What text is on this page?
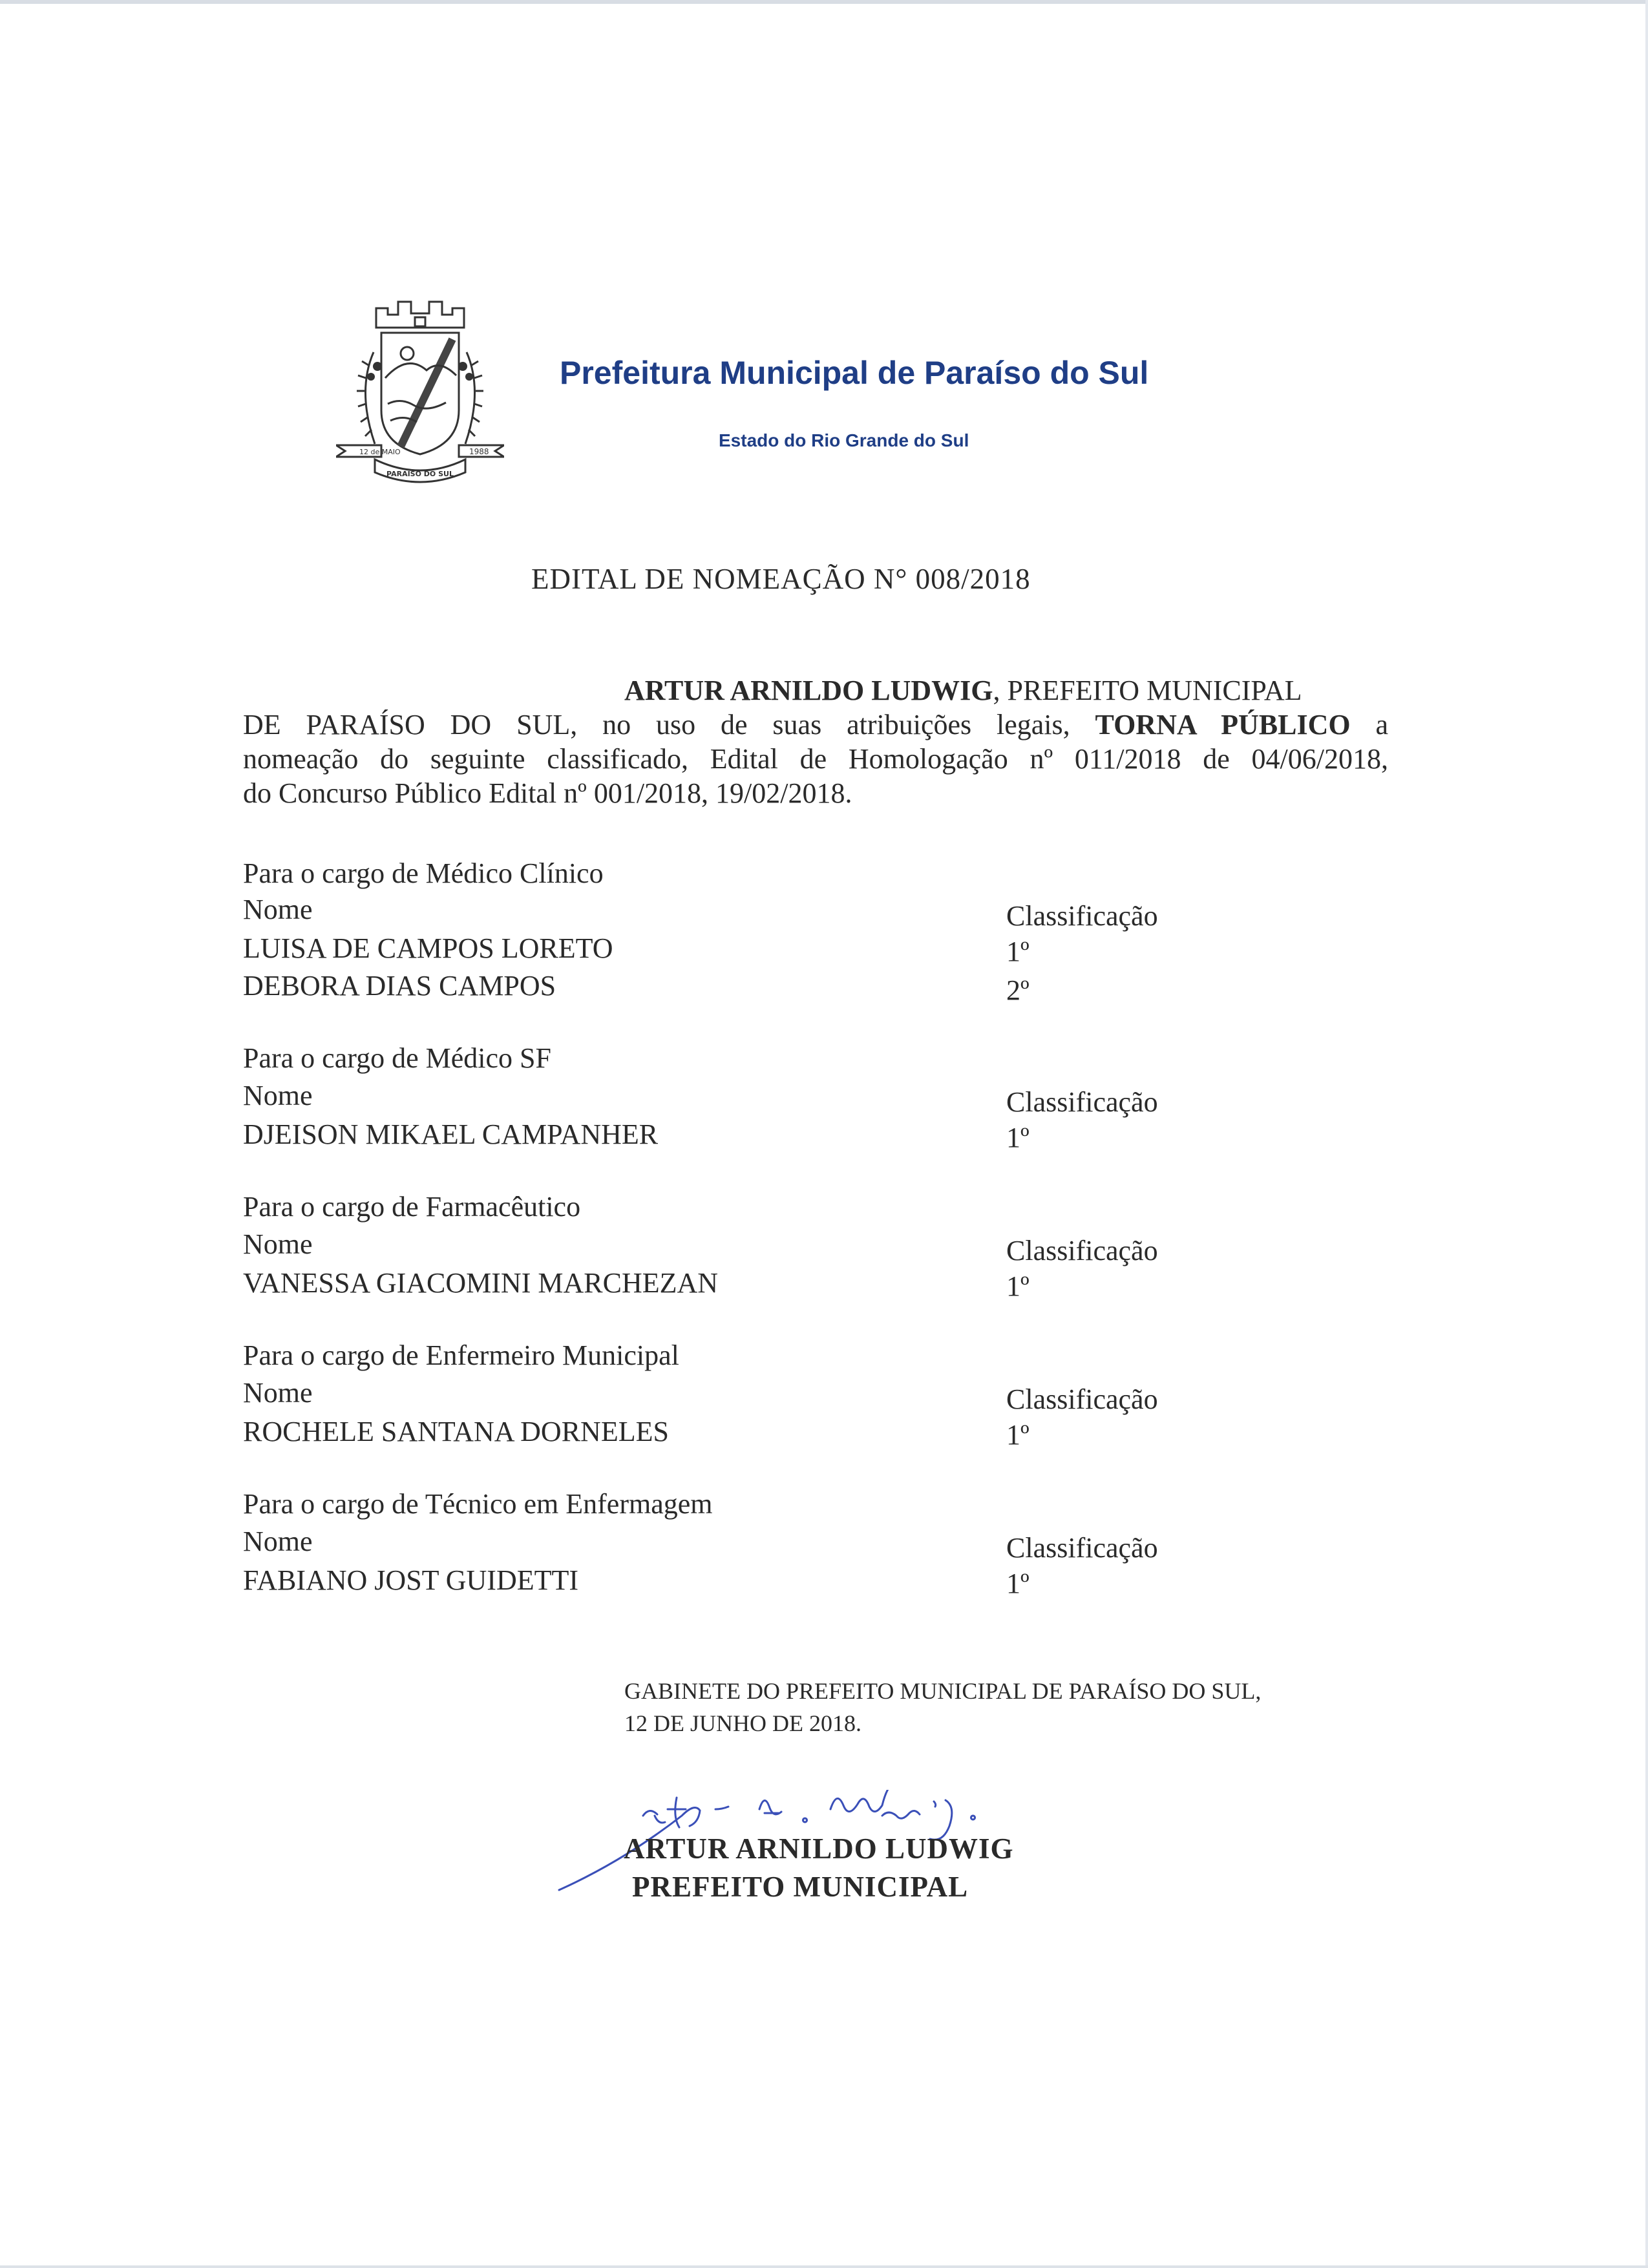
12 de MAIO	1988
PARAÍSO DO SUL
Prefeitura Municipal de Paraíso do Sul
Estado do Rio Grande do Sul
EDITAL DE NOMEAÇÃO N° 008/2018
ARTUR ARNILDO LUDWIG, PREFEITO MUNICIPAL
DE PARAÍSO DO SUL, no uso de suas atribuições legais, TORNA PÚBLICO a
nomeação do seguinte classificado, Edital de Homologação nº 011/2018 de 04/06/2018,
do Concurso Público Edital nº 001/2018, 19/02/2018.
Para o cargo de Médico Clínico
Nome	Classificação
LUISA DE CAMPOS LORETO	1º
DEBORA DIAS CAMPOS	2º
Para o cargo de Médico SF
Nome	Classificação
DJEISON MIKAEL CAMPANHER	1º
Para o cargo de Farmacêutico
Nome	Classificação
VANESSA GIACOMINI MARCHEZAN	1º
Para o cargo de Enfermeiro Municipal
Nome	Classificação
ROCHELE SANTANA DORNELES	1º
Para o cargo de Técnico em Enfermagem
Nome	Classificação
FABIANO JOST GUIDETTI	1º
GABINETE DO PREFEITO MUNICIPAL DE PARAÍSO DO SUL,
12 DE JUNHO DE 2018.
ARTUR ARNILDO LUDWIG
PREFEITO MUNICIPAL
